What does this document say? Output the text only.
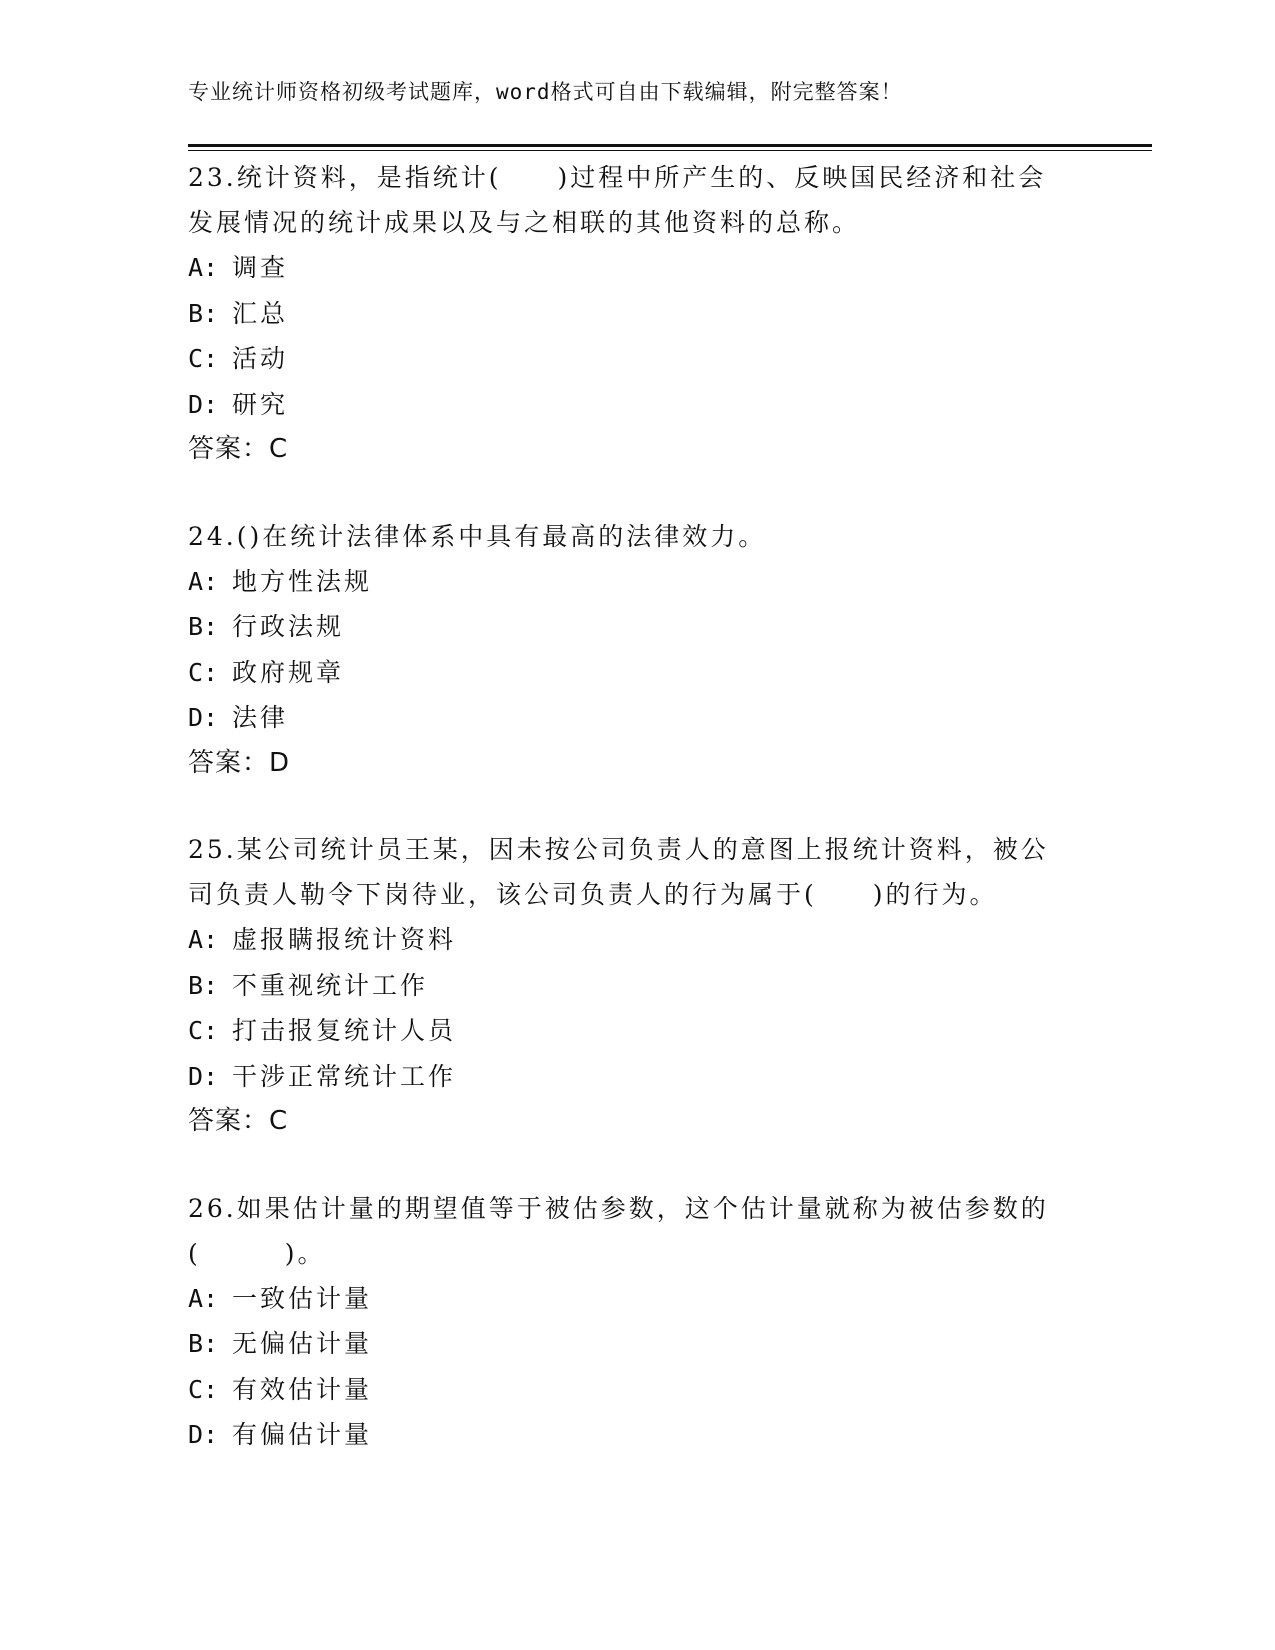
专业统计师资格初级考试题库，word格式可自由下载编辑，附完整答案！
23.统计资料，是指统计(　　)过程中所产生的、反映国民经济和社会
发展情况的统计成果以及与之相联的其他资料的总称。
A: 调查
B: 汇总
C: 活动
D: 研究
答案：C
24.()在统计法律体系中具有最高的法律效力。
A: 地方性法规
B: 行政法规
C: 政府规章
D: 法律
答案：D
25.某公司统计员王某，因未按公司负责人的意图上报统计资料，被公
司负责人勒令下岗待业，该公司负责人的行为属于(　　)的行为。
A: 虚报瞒报统计资料
B: 不重视统计工作
C: 打击报复统计人员
D: 干涉正常统计工作
答案：C
26.如果估计量的期望值等于被估参数，这个估计量就称为被估参数的
(　　　)。
A: 一致估计量
B: 无偏估计量
C: 有效估计量
D: 有偏估计量
